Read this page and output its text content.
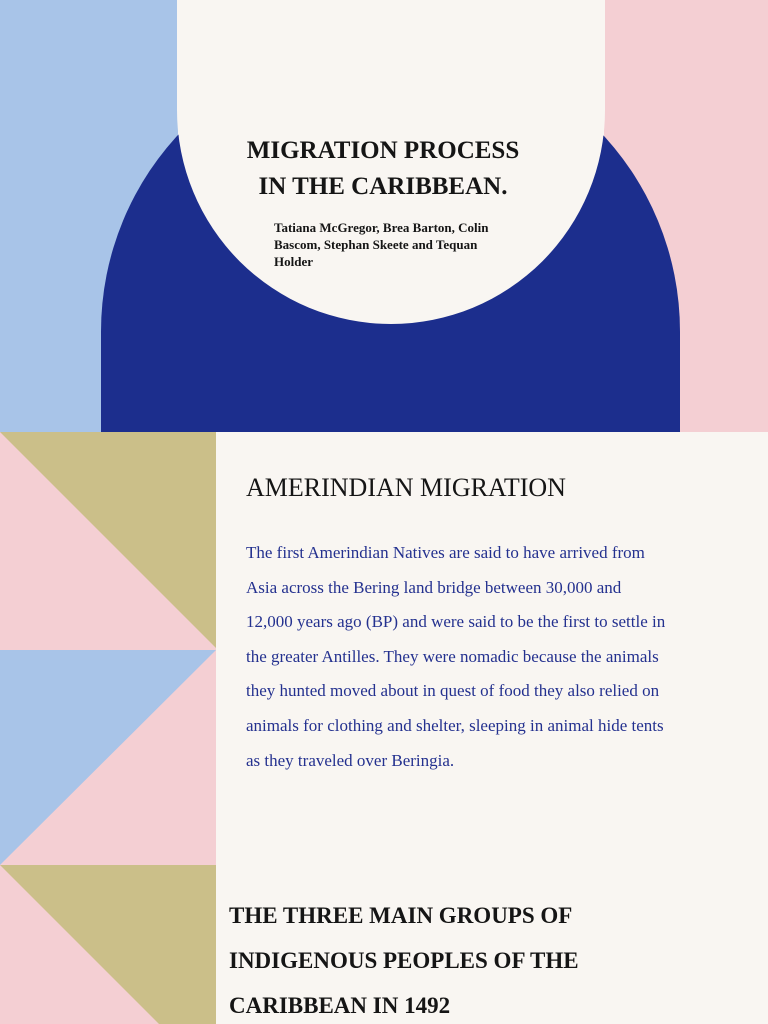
MIGRATION PROCESS
IN THE CARIBBEAN.

Tatiana McGregor, Brea Barton, Colin Bascom, Stephan Skeete and Tequan Holder

AMERINDIAN MIGRATION

The first Amerindian Natives are said to have arrived from Asia across the Bering land bridge between 30,000 and 12,000 years ago (BP) and were said to be the first to settle in the greater Antilles. They were nomadic because the animals they hunted moved about in quest of food they also relied on animals for clothing and shelter, sleeping in animal hide tents as they traveled over Beringia.

THE THREE MAIN GROUPS OF
INDIGENOUS PEOPLES OF THE
CARIBBEAN IN 1492
